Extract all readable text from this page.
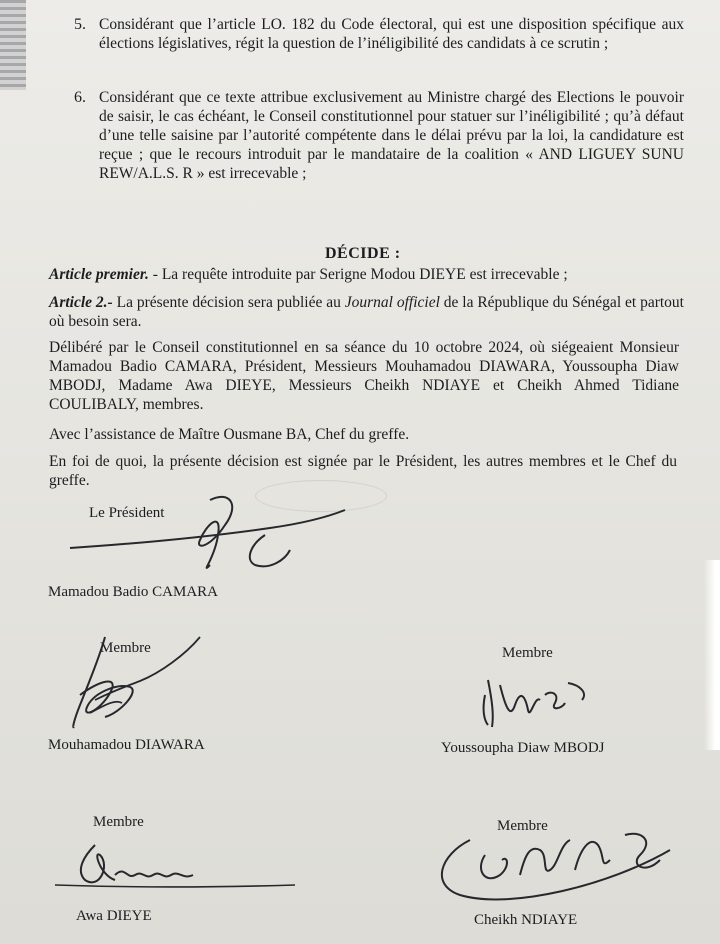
5. Considérant que l’article LO. 182 du Code électoral, qui est une disposition spécifique aux élections législatives, régit la question de l’inéligibilité des candidats à ce scrutin ;
6. Considérant que ce texte attribue exclusivement au Ministre chargé des Elections le pouvoir de saisir, le cas échéant, le Conseil constitutionnel pour statuer sur l’inéligibilité ; qu’à défaut d’une telle saisine par l’autorité compétente dans le délai prévu par la loi, la candidature est reçue ; que le recours introduit par le mandataire de la coalition « AND LIGUEY SUNU REW/A.L.S. R » est irrecevable ;
DÉCIDE :
Article premier. - La requête introduite par Serigne Modou DIEYE est irrecevable ;
Article 2.- La présente décision sera publiée au Journal officiel de la République du Sénégal et partout où besoin sera.
Délibéré par le Conseil constitutionnel en sa séance du 10 octobre 2024, où siégeaient Monsieur Mamadou Badio CAMARA, Président, Messieurs Mouhamadou DIAWARA, Youssoupha Diaw MBODJ, Madame Awa DIEYE, Messieurs Cheikh NDIAYE et Cheikh Ahmed Tidiane COULIBALY, membres.
Avec l’assistance de Maître Ousmane BA, Chef du greffe.
En foi de quoi, la présente décision est signée par le Président, les autres membres et le Chef du greffe.
Le Président
Mamadou Badio CAMARA
Membre
Mouhamadou DIAWARA
Membre
Youssoupha Diaw MBODJ
Membre
Awa DIEYE
Membre
Cheikh NDIAYE
